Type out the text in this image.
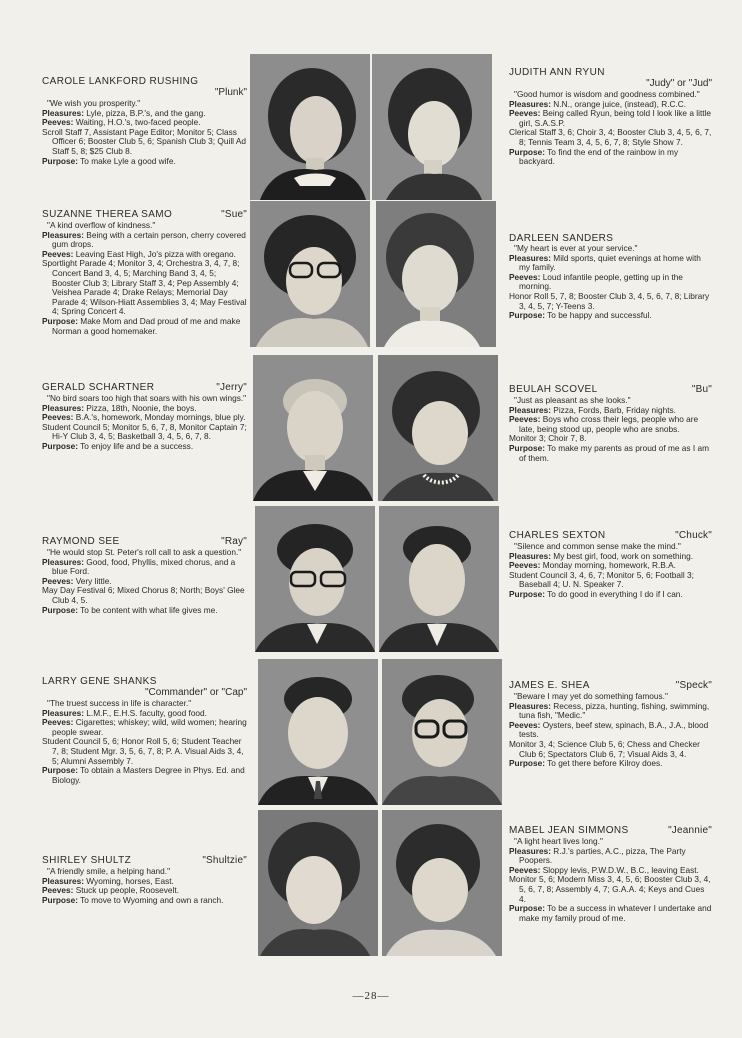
CAROLE LANKFORD RUSHING
"Plunk"
"We wish you prosperity."
Pleasures: Lyle, pizza, B.P.'s, and the gang.
Peeves: Waiting, H.O.'s, two-faced people.
Scroll Staff 7, Assistant Page Editor; Monitor 5; Class Officer 6; Booster Club 5, 6; Spanish Club 3; Quill Ad Staff 5, 8; $25 Club 8.
Purpose: To make Lyle a good wife.
SUZANNE THEREA SAMO	"Sue"
"A kind overflow of kindness."
Pleasures: Being with a certain person, cherry covered gum drops.
Peeves: Leaving East High, Jo's pizza with oregano.
Sportlight Parade 4; Monitor 3, 4; Orchestra 3, 4, 7, 8; Concert Band 3, 4, 5; Marching Band 3, 4, 5; Booster Club 3; Library Staff 3, 4; Pep Assembly 4; Veishea Parade 4; Drake Relays; Memorial Day Parade 4; Wilson-Hiatt Assemblies 3, 4; May Festival 4; Spring Concert 4.
Purpose: Make Mom and Dad proud of me and make Norman a good homemaker.
GERALD SCHARTNER	"Jerry"
"No bird soars too high that soars with his own wings."
Pleasures: Pizza, 18th, Noonie, the boys.
Peeves: B.A.'s, homework, Monday mornings, blue ply.
Student Council 5; Monitor 5, 6, 7, 8, Monitor Captain 7; Hi-Y Club 3, 4, 5; Basketball 3, 4, 5, 6, 7, 8.
Purpose: To enjoy life and be a success.
RAYMOND SEE	"Ray"
"He would stop St. Peter's roll call to ask a question."
Pleasures: Good, food, Phyllis, mixed chorus, and a blue Ford.
Peeves: Very little.
May Day Festival 6; Mixed Chorus 8; North; Boys' Glee Club 4, 5.
Purpose: To be content with what life gives me.
LARRY GENE SHANKS
"Commander" or "Cap"
"The truest success in life is character."
Pleasures: L.M.F., E.H.S. faculty, good food.
Peeves: Cigarettes; whiskey; wild, wild women; hearing people swear.
Student Council 5, 6; Honor Roll 5, 6; Student Teacher 7, 8; Student Mgr. 3, 5, 6, 7, 8; P. A. Visual Aids 3, 4, 5; Alumni Assembly 7.
Purpose: To obtain a Masters Degree in Phys. Ed. and Biology.
SHIRLEY SHULTZ	"Shultzie"
"A friendly smile, a helping hand."
Pleasures: Wyoming, horses, East.
Peeves: Stuck up people, Roosevelt.
Purpose: To move to Wyoming and own a ranch.
JUDITH ANN RYUN
"Judy" or "Jud"
"Good humor is wisdom and goodness combined."
Pleasures: N.N., orange juice, (instead), R.C.C.
Peeves: Being called Ryun, being told I look like a little girl, S.A.S.P.
Clerical Staff 3, 6; Choir 3, 4; Booster Club 3, 4, 5, 6, 7, 8; Tennis Team 3, 4, 5, 6, 7, 8; Style Show 7.
Purpose: To find the end of the rainbow in my backyard.
DARLEEN SANDERS
"My heart is ever at your service."
Pleasures: Mild sports, quiet evenings at home with my family.
Peeves: Loud infantile people, getting up in the morning.
Honor Roll 5, 7, 8; Booster Club 3, 4, 5, 6, 7, 8; Library 3, 4, 5, 7; Y-Teens 3.
Purpose: To be happy and successful.
BEULAH SCOVEL	"Bu"
"Just as pleasant as she looks."
Pleasures: Pizza, Fords, Barb, Friday nights.
Peeves: Boys who cross their legs, people who are late, being stood up, people who are snobs.
Monitor 3; Choir 7, 8.
Purpose: To make my parents as proud of me as I am of them.
CHARLES SEXTON	"Chuck"
"Silence and common sense make the mind."
Pleasures: My best girl, food, work on something.
Peeves: Monday morning, homework, R.B.A.
Student Council 3, 4, 6, 7; Monitor 5, 6; Football 3; Baseball 4; U. N. Speaker 7.
Purpose: To do good in everything I do if I can.
JAMES E. SHEA	"Speck"
"Beware I may yet do something famous."
Pleasures: Recess, pizza, hunting, fishing, swimming, tuna fish, "Medic."
Peeves: Oysters, beef stew, spinach, B.A., J.A., blood tests.
Monitor 3, 4; Science Club 5, 6; Chess and Checker Club 6; Spectators Club 6, 7; Visual Aids 3, 4.
Purpose: To get there before Kilroy does.
MABEL JEAN SIMMONS	"Jeannie"
"A light heart lives long."
Pleasures: R.J.'s parties, A.C., pizza, The Party Poopers.
Peeves: Sloppy levis, P.W.D.W., B.C., leaving East.
Monitor 5, 6; Modern Miss 3, 4, 5, 6; Booster Club 3, 4, 5, 6, 7, 8; Assembly 4, 7; G.A.A. 4; Keys and Cues 4.
Purpose: To be a success in whatever I undertake and make my family proud of me.
—28—
